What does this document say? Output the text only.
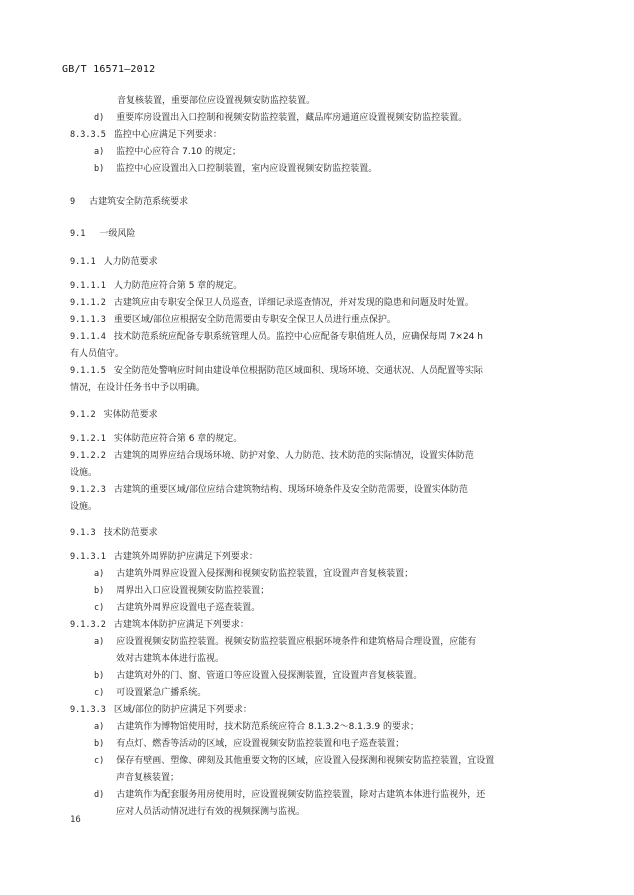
GB/T 16571—2012
音复核装置，重要部位应设置视频安防监控装置。
d) 重要库房设置出入口控制和视频安防监控装置，藏品库房通道应设置视频安防监控装置。
8.3.3.5 监控中心应满足下列要求：
a) 监控中心应符合 7.10 的规定；
b) 监控中心应设置出入口控制装置，室内应设置视频安防监控装置。
9 古建筑安全防范系统要求
9.1 一级风险
9.1.1 人力防范要求
9.1.1.1 人力防范应符合第 5 章的规定。
9.1.1.2 古建筑应由专职安全保卫人员巡查，详细记录巡查情况，并对发现的隐患和问题及时处置。
9.1.1.3 重要区域/部位应根据安全防范需要由专职安全保卫人员进行重点保护。
9.1.1.4 技术防范系统应配备专职系统管理人员。监控中心应配备专职值班人员，应确保每周 7×24 h
有人员值守。
9.1.1.5 安全防范处警响应时间由建设单位根据防范区域面积、现场环境、交通状况、人员配置等实际
情况，在设计任务书中予以明确。
9.1.2 实体防范要求
9.1.2.1 实体防范应符合第 6 章的规定。
9.1.2.2 古建筑的周界应结合现场环境、防护对象、人力防范、技术防范的实际情况，设置实体防范
设施。
9.1.2.3 古建筑的重要区域/部位应结合建筑物结构、现场环境条件及安全防范需要，设置实体防范
设施。
9.1.3 技术防范要求
9.1.3.1 古建筑外周界防护应满足下列要求：
a) 古建筑外周界应设置入侵探测和视频安防监控装置，宜设置声音复核装置；
b) 周界出入口应设置视频安防监控装置；
c) 古建筑外周界应设置电子巡查装置。
9.1.3.2 古建筑本体防护应满足下列要求：
a) 应设置视频安防监控装置。视频安防监控装置应根据环境条件和建筑格局合理设置，应能有
效对古建筑本体进行监视。
b) 古建筑对外的门、窗、管道口等应设置入侵探测装置，宜设置声音复核装置。
c) 可设置紧急广播系统。
9.1.3.3 区域/部位的防护应满足下列要求：
a) 古建筑作为博物馆使用时，技术防范系统应符合 8.1.3.2～8.1.3.9 的要求；
b) 有点灯、燃香等活动的区域，应设置视频安防监控装置和电子巡查装置；
c) 保存有壁画、塑像、碑刻及其他重要文物的区域，应设置入侵探测和视频安防监控装置，宜设置
声音复核装置；
d) 古建筑作为配套服务用房使用时，应设置视频安防监控装置，除对古建筑本体进行监视外，还
应对人员活动情况进行有效的视频探测与监视。
16
